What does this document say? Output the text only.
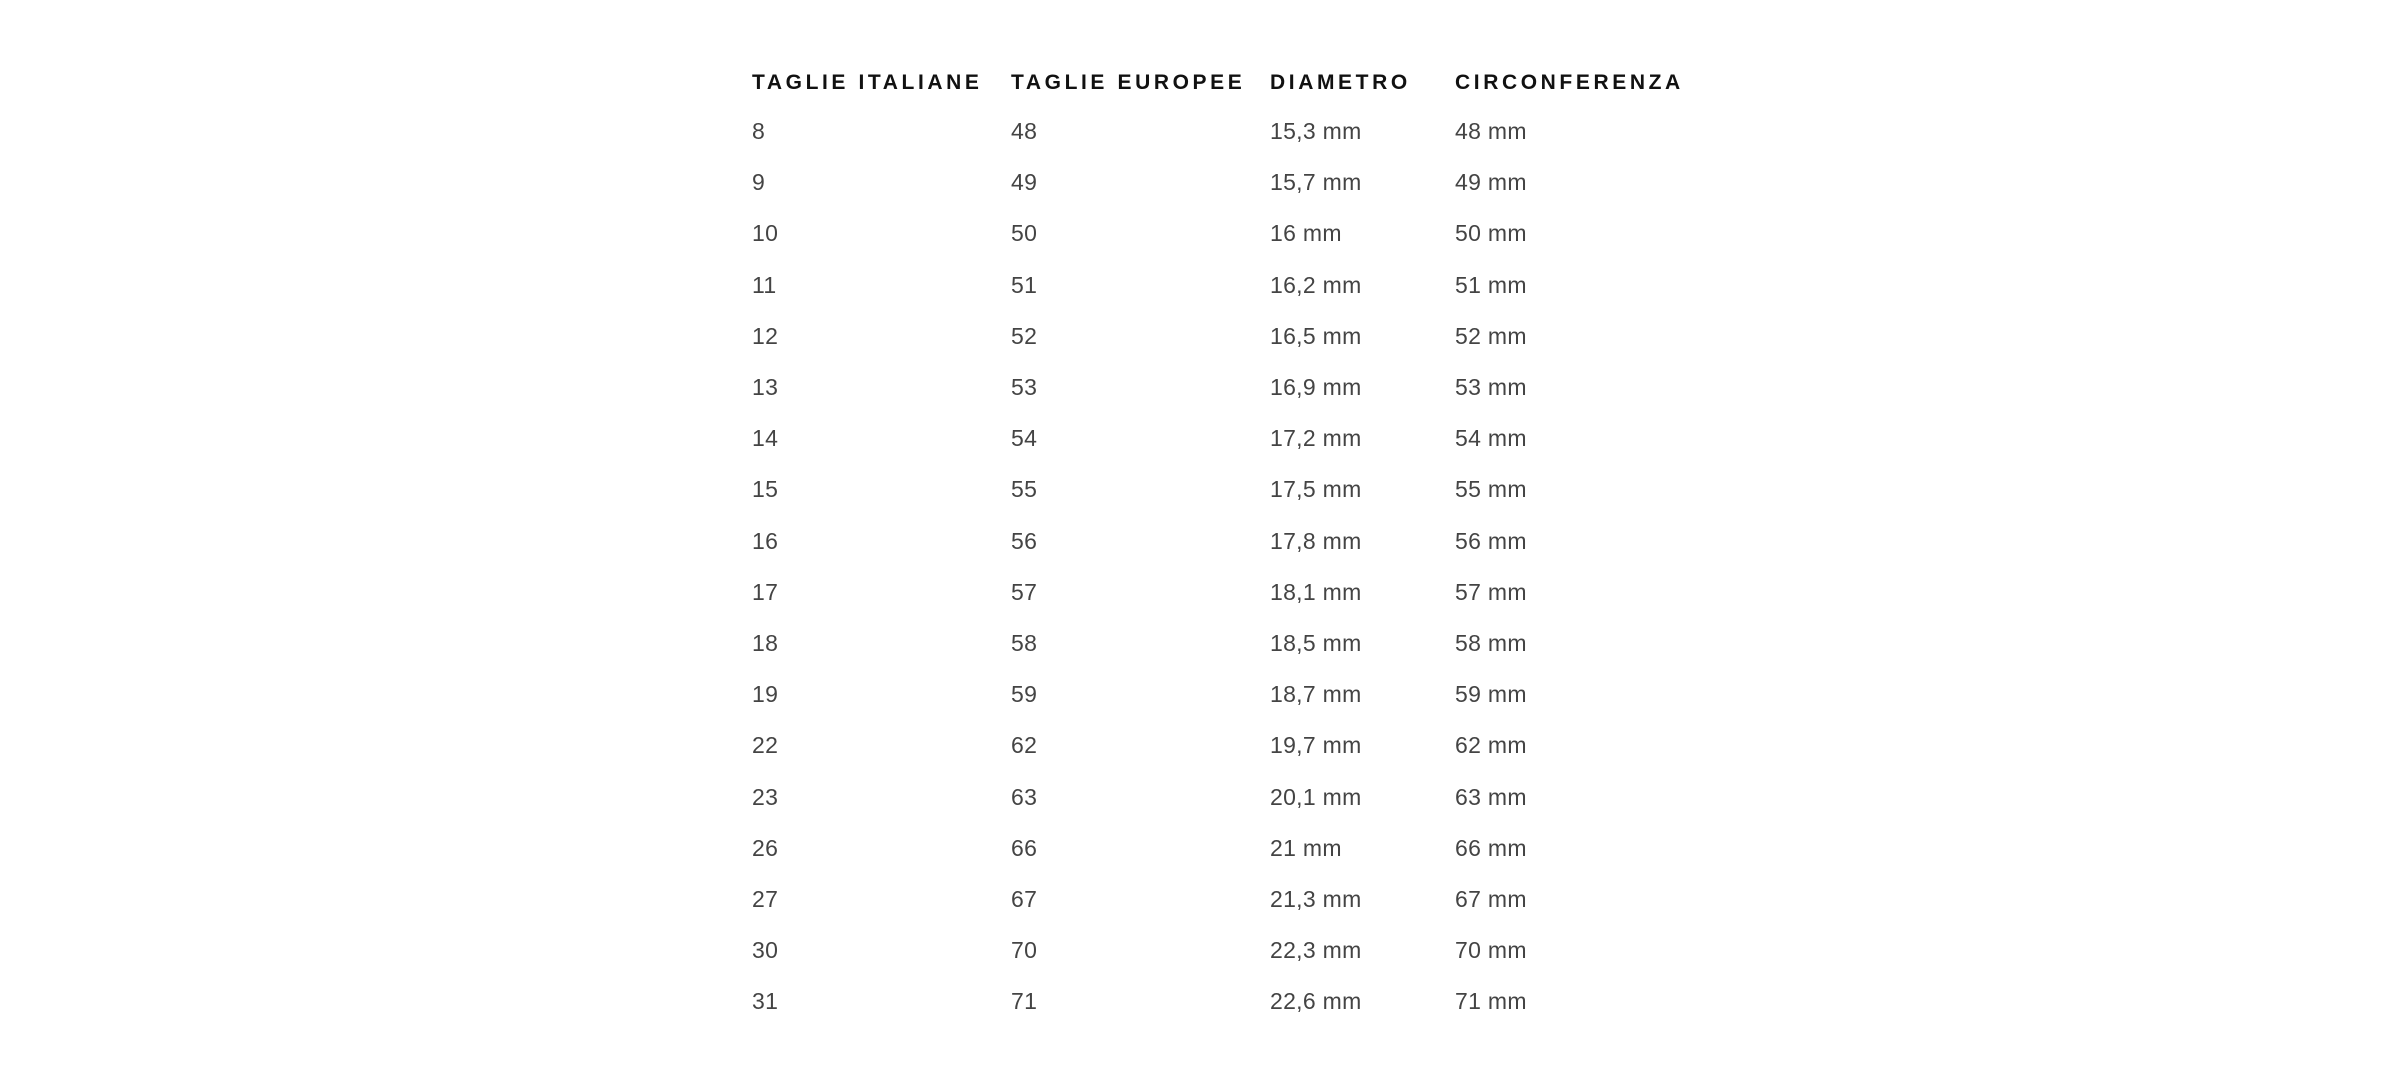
TAGLIE ITALIANE	TAGLIE EUROPEE	DIAMETRO	CIRCONFERENZA
8	48	15,3 mm	48 mm
9	49	15,7 mm	49 mm
10	50	16 mm	50 mm
11	51	16,2 mm	51 mm
12	52	16,5 mm	52 mm
13	53	16,9 mm	53 mm
14	54	17,2 mm	54 mm
15	55	17,5 mm	55 mm
16	56	17,8 mm	56 mm
17	57	18,1 mm	57 mm
18	58	18,5 mm	58 mm
19	59	18,7 mm	59 mm
22	62	19,7 mm	62 mm
23	63	20,1 mm	63 mm
26	66	21 mm	66 mm
27	67	21,3 mm	67 mm
30	70	22,3 mm	70 mm
31	71	22,6 mm	71 mm
